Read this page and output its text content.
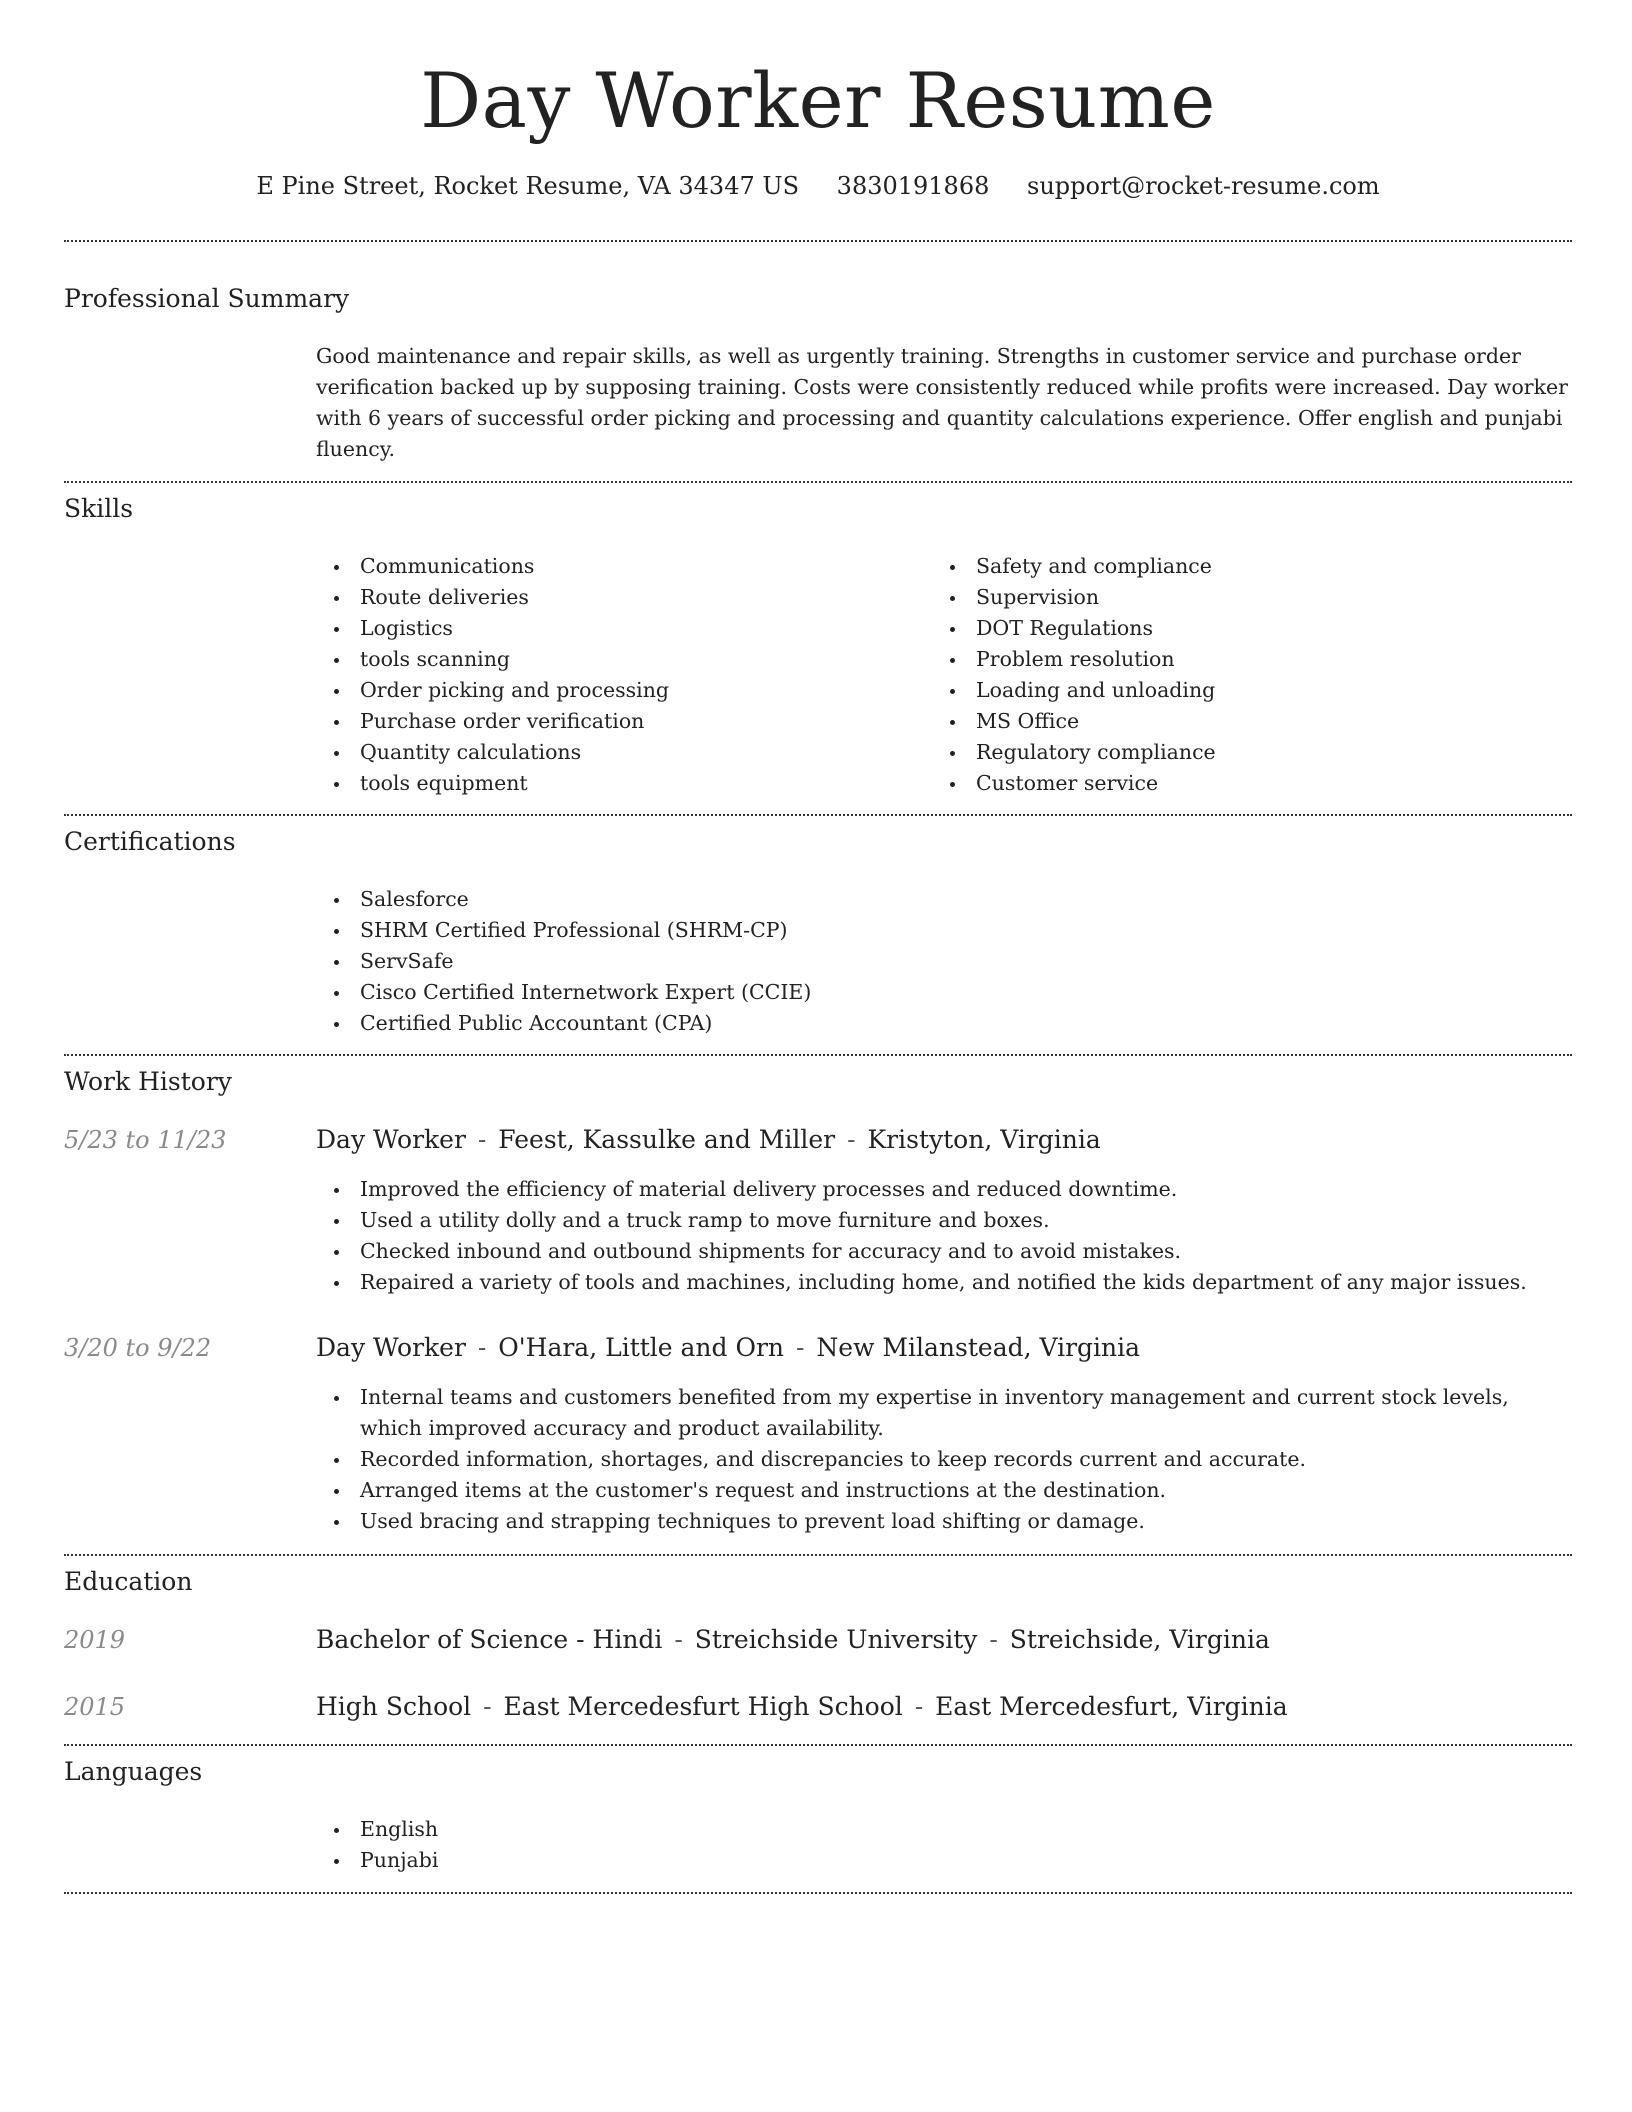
Day Worker Resume
E Pine Street, Rocket Resume, VA 34347 US 3830191868 support@rocket-resume.com
Professional Summary

Good maintenance and repair skills, as well as urgently training. Strengths in customer service and purchase order verification backed up by supposing training. Costs were consistently reduced while profits were increased. Day worker with 6 years of successful order picking and processing and quantity calculations experience. Offer english and punjabi fluency.

Skills
Communications
Route deliveries
Logistics
tools scanning
Order picking and processing
Purchase order verification
Quantity calculations
tools equipment
Safety and compliance
Supervision
DOT Regulations
Problem resolution
Loading and unloading
MS Office
Regulatory compliance
Customer service
Certifications
Salesforce
SHRM Certified Professional (SHRM-CP)
ServSafe
Cisco Certified Internetwork Expert (CCIE)
Certified Public Accountant (CPA)
Work History
5/23 to 11/23	Day Worker - Feest, Kassulke and Miller - Kristyton, Virginia
Improved the efficiency of material delivery processes and reduced downtime.
Used a utility dolly and a truck ramp to move furniture and boxes.
Checked inbound and outbound shipments for accuracy and to avoid mistakes.
Repaired a variety of tools and machines, including home, and notified the kids department of any major issues.
3/20 to 9/22	Day Worker - O'Hara, Little and Orn - New Milanstead, Virginia
Internal teams and customers benefited from my expertise in inventory management and current stock levels, which improved accuracy and product availability.
Recorded information, shortages, and discrepancies to keep records current and accurate.
Arranged items at the customer's request and instructions at the destination.
Used bracing and strapping techniques to prevent load shifting or damage.
Education
2019	Bachelor of Science - Hindi - Streichside University - Streichside, Virginia
2015	High School - East Mercedesfurt High School - East Mercedesfurt, Virginia
Languages
English
Punjabi
